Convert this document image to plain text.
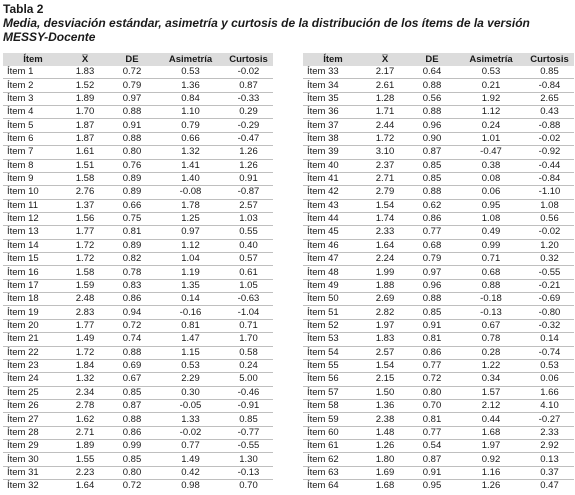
Tabla 2

Media, desviación estándar, asimetría y curtosis de la distribución de los ítems de la versión MESSY-Docente

Ítem	X̅	DE	Asimetría	Curtosis
Ítem 1	1.83	0.72	0.53	-0.02
Ítem 2	1.52	0.79	1.36	0.87
Ítem 3	1.89	0.97	0.84	-0.33
Ítem 4	1.70	0.88	1.10	0.29
Ítem 5	1.87	0.91	0.79	-0.29
Ítem 6	1.87	0.88	0.66	-0.47
Ítem 7	1.61	0.80	1.32	1.26
Ítem 8	1.51	0.76	1.41	1.26
Ítem 9	1.58	0.89	1.40	0.91
Ítem 10	2.76	0.89	-0.08	-0.87
Ítem 11	1.37	0.66	1.78	2.57
Ítem 12	1.56	0.75	1.25	1.03
Ítem 13	1.77	0.81	0.97	0.55
Ítem 14	1.72	0.89	1.12	0.40
Ítem 15	1.72	0.82	1.04	0.57
Ítem 16	1.58	0.78	1.19	0.61
Ítem 17	1.59	0.83	1.35	1.05
Ítem 18	2.48	0.86	0.14	-0.63
Ítem 19	2.83	0.94	-0.16	-1.04
Ítem 20	1.77	0.72	0.81	0.71
Ítem 21	1.49	0.74	1.47	1.70
Ítem 22	1.72	0.88	1.15	0.58
Ítem 23	1.84	0.69	0.53	0.24
Ítem 24	1.32	0.67	2.29	5.00
Ítem 25	2.34	0.85	0.30	-0.46
Ítem 26	2.78	0.87	-0.05	-0.91
Ítem 27	1.62	0.88	1.33	0.85
Ítem 28	2.71	0.86	-0.02	-0.77
Ítem 29	1.89	0.99	0.77	-0.55
Ítem 30	1.55	0.85	1.49	1.30
Ítem 31	2.23	0.80	0.42	-0.13
Ítem 32	1.64	0.72	0.98	0.70
Ítem	X̅	DE	Asimetría	Curtosis
Ítem 33	2.17	0.64	0.53	0.85
Ítem 34	2.61	0.88	0.21	-0.84
Ítem 35	1.28	0.56	1.92	2.65
Ítem 36	1.71	0.88	1.12	0.43
Ítem 37	2.44	0.96	0.24	-0.88
Ítem 38	1.72	0.90	1.01	-0.02
Ítem 39	3.10	0.87	-0.47	-0.92
Ítem 40	2.37	0.85	0.38	-0.44
Ítem 41	2.71	0.85	0.08	-0.84
Ítem 42	2.79	0.88	0.06	-1.10
Ítem 43	1.54	0.62	0.95	1.08
Ítem 44	1.74	0.86	1.08	0.56
Ítem 45	2.33	0.77	0.49	-0.02
Ítem 46	1.64	0.68	0.99	1.20
Ítem 47	2.24	0.79	0.71	0.32
Ítem 48	1.99	0.97	0.68	-0.55
Ítem 49	1.88	0.96	0.88	-0.21
Ítem 50	2.69	0.88	-0.18	-0.69
Ítem 51	2.82	0.85	-0.13	-0.80
Ítem 52	1.97	0.91	0.67	-0.32
Ítem 53	1.83	0.81	0.78	0.14
Ítem 54	2.57	0.86	0.28	-0.74
Ítem 55	1.54	0.77	1.22	0.53
Ítem 56	2.15	0.72	0.34	0.06
Ítem 57	1.50	0.80	1.57	1.66
Ítem 58	1.36	0.70	2.12	4.10
Ítem 59	2.38	0.81	0.44	-0.27
Ítem 60	1.48	0.77	1.68	2.33
Ítem 61	1.26	0.54	1.97	2.92
Ítem 62	1.80	0.87	0.92	0.13
Ítem 63	1.69	0.91	1.16	0.37
Ítem 64	1.68	0.95	1.26	0.47
